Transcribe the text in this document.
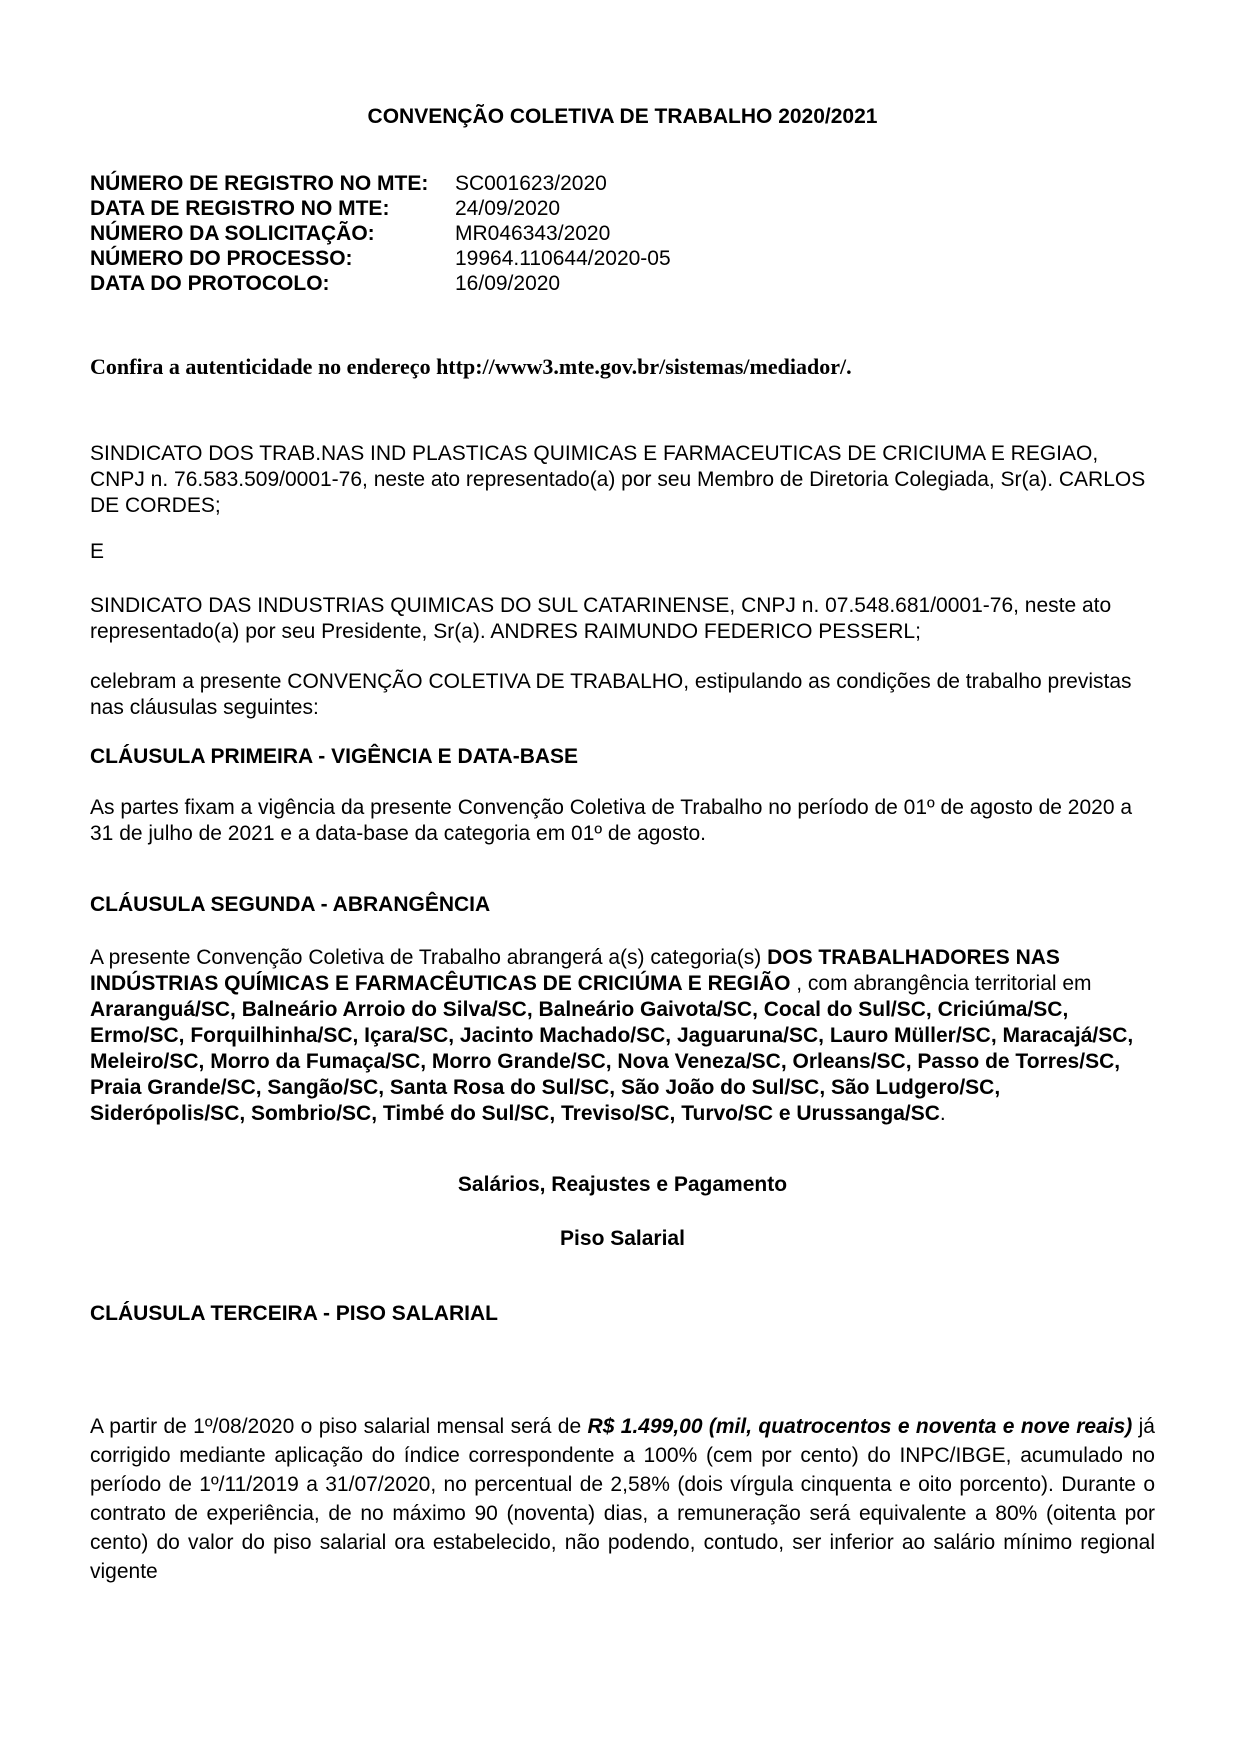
CONVENÇÃO COLETIVA DE TRABALHO 2020/2021
NÚMERO DE REGISTRO NO MTE:	SC001623/2020
DATA DE REGISTRO NO MTE:	24/09/2020
NÚMERO DA SOLICITAÇÃO:	MR046343/2020
NÚMERO DO PROCESSO:	19964.110644/2020-05
DATA DO PROTOCOLO:	16/09/2020
Confira a autenticidade no endereço http://www3.mte.gov.br/sistemas/mediador/.

SINDICATO DOS TRAB.NAS IND PLASTICAS QUIMICAS E FARMACEUTICAS DE CRICIUMA E REGIAO, CNPJ n. 76.583.509/0001-76, neste ato representado(a) por seu Membro de Diretoria Colegiada, Sr(a). CARLOS DE CORDES;

E

SINDICATO DAS INDUSTRIAS QUIMICAS DO SUL CATARINENSE, CNPJ n. 07.548.681/0001-76, neste ato representado(a) por seu Presidente, Sr(a). ANDRES RAIMUNDO FEDERICO PESSERL;

celebram a presente CONVENÇÃO COLETIVA DE TRABALHO, estipulando as condições de trabalho previstas nas cláusulas seguintes:

CLÁUSULA PRIMEIRA - VIGÊNCIA E DATA-BASE

As partes fixam a vigência da presente Convenção Coletiva de Trabalho no período de 01º de agosto de 2020 a 31 de julho de 2021 e a data-base da categoria em 01º de agosto.

CLÁUSULA SEGUNDA - ABRANGÊNCIA

A presente Convenção Coletiva de Trabalho abrangerá a(s) categoria(s) DOS TRABALHADORES NAS INDÚSTRIAS QUÍMICAS E FARMACÊUTICAS DE CRICIÚMA E REGIÃO , com abrangência territorial em Araranguá/SC, Balneário Arroio do Silva/SC, Balneário Gaivota/SC, Cocal do Sul/SC, Criciúma/SC, Ermo/SC, Forquilhinha/SC, Içara/SC, Jacinto Machado/SC, Jaguaruna/SC, Lauro Müller/SC, Maracajá/SC, Meleiro/SC, Morro da Fumaça/SC, Morro Grande/SC, Nova Veneza/SC, Orleans/SC, Passo de Torres/SC, Praia Grande/SC, Sangão/SC, Santa Rosa do Sul/SC, São João do Sul/SC, São Ludgero/SC, Siderópolis/SC, Sombrio/SC, Timbé do Sul/SC, Treviso/SC, Turvo/SC e Urussanga/SC.

Salários, Reajustes e Pagamento
Piso Salarial
CLÁUSULA TERCEIRA - PISO SALARIAL

A partir de 1º/08/2020 o piso salarial mensal será de R$ 1.499,00 (mil, quatrocentos e noventa e nove reais) já corrigido mediante aplicação do índice correspondente a 100% (cem por cento) do INPC/IBGE, acumulado no período de 1º/11/2019 a 31/07/2020, no percentual de 2,58% (dois vírgula cinquenta e oito porcento). Durante o contrato de experiência, de no máximo 90 (noventa) dias, a remuneração será equivalente a 80% (oitenta por cento) do valor do piso salarial ora estabelecido, não podendo, contudo, ser inferior ao salário mínimo regional vigente
